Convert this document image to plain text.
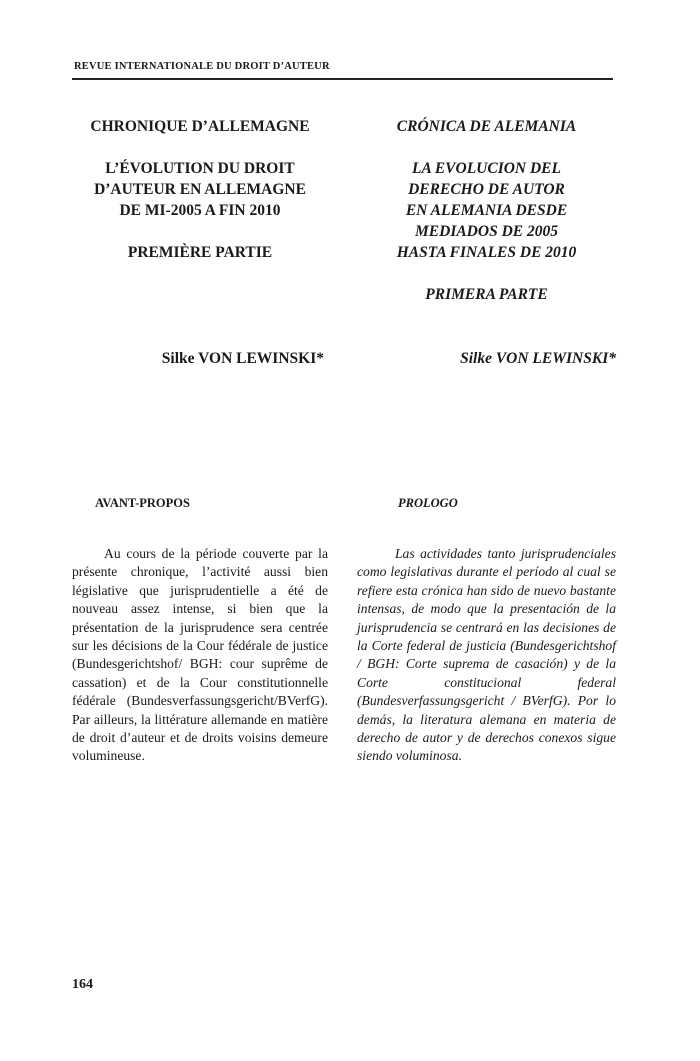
REVUE INTERNATIONALE DU DROIT D’AUTEUR
CHRONIQUE D’ALLEMAGNE
L’ÉVOLUTION DU DROIT
D’AUTEUR EN ALLEMAGNE
DE MI-2005 A FIN 2010
PREMIÈRE PARTIE
Silke VON LEWINSKI*
AVANT-PROPOS

Au cours de la période couverte par la présente chronique, l’activité aussi bien législative que jurisprudentielle a été de nouveau assez intense, si bien que la présentation de la jurisprudence sera centrée sur les décisions de la Cour fédérale de justice (Bundesgerichtshof/ BGH: cour suprême de cassation) et de la Cour constitutionnelle fédérale (Bundesverfassungsgericht/BVerfG). Par ailleurs, la littérature allemande en matière de droit d’auteur et de droits voisins demeure volumineuse.

CRÓNICA DE ALEMANIA
LA EVOLUCION DEL
DERECHO DE AUTOR
EN ALEMANIA DESDE
MEDIADOS DE 2005
HASTA FINALES DE 2010
PRIMERA PARTE
Silke VON LEWINSKI*
PROLOGO

Las actividades tanto jurisprudenciales como legislativas durante el período al cual se refiere esta crónica han sido de nuevo bastante intensas, de modo que la presentación de la jurisprudencia se centrará en las decisiones de la Corte federal de justicia (Bundesgerichtshof / BGH: Corte suprema de casación) y de la Corte constitucional federal (Bundesverfassungsgericht / BVerfG). Por lo demás, la literatura alemana en materia de derecho de autor y de derechos conexos sigue siendo voluminosa.

164
